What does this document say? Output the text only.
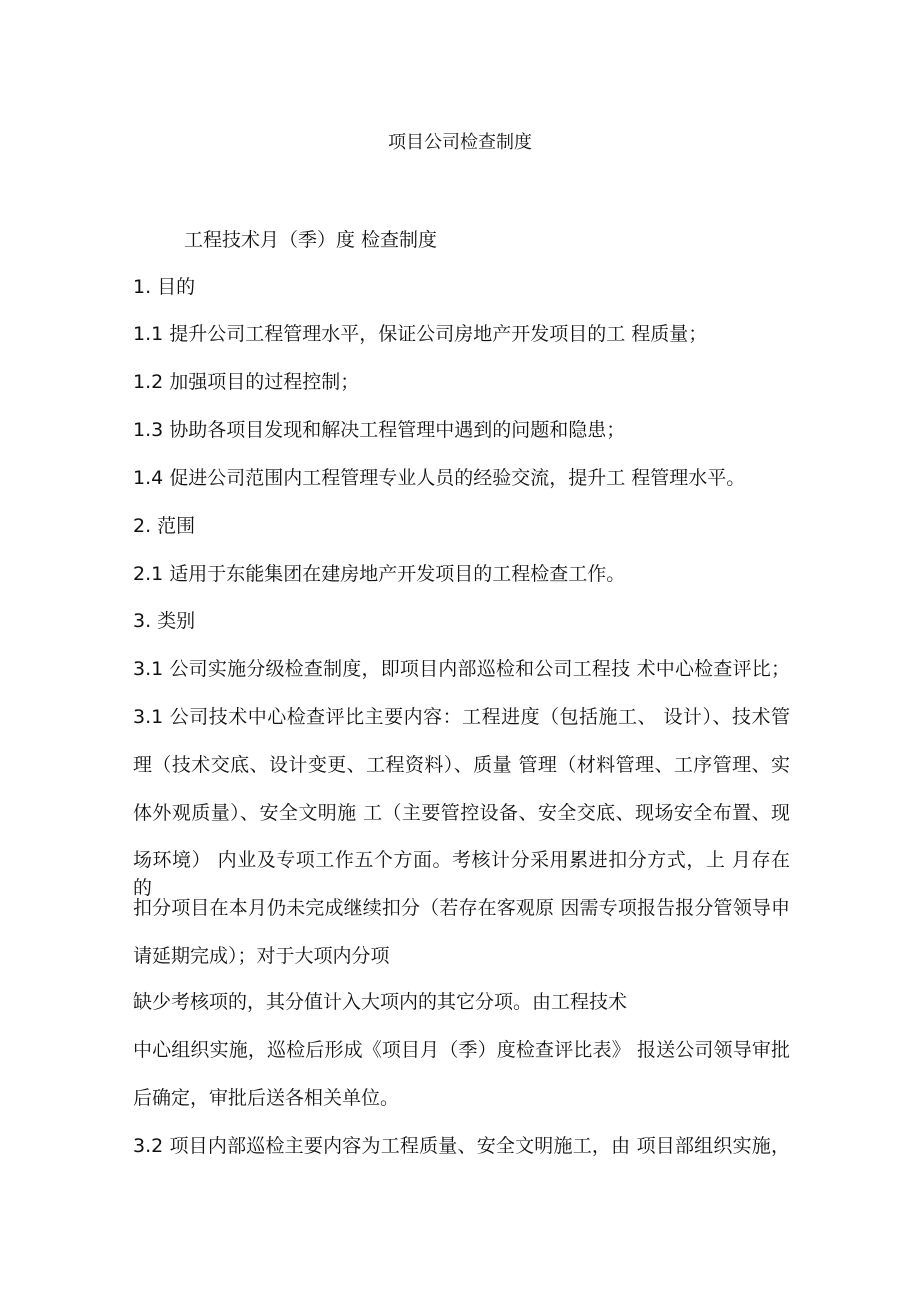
项目公司检查制度
工程技术月（季）度 检查制度
1. 目的
1.1 提升公司工程管理水平，保证公司房地产开发项目的工 程质量；
1.2 加强项目的过程控制；
1.3 协助各项目发现和解决工程管理中遇到的问题和隐患；
1.4 促进公司范围内工程管理专业人员的经验交流，提升工 程管理水平。
2. 范围
2.1 适用于东能集团在建房地产开发项目的工程检查工作。
3. 类别
3.1 公司实施分级检查制度，即项目内部巡检和公司工程技 术中心检查评比；
3.1 公司技术中心检查评比主要内容：工程进度（包括施工、 设计）、技术管
理（技术交底、设计变更、工程资料）、质量 管理（材料管理、工序管理、实
体外观质量）、安全文明施 工（主要管控设备、安全交底、现场安全布置、现
场环境） 内业及专项工作五个方面。考核计分采用累进扣分方式，上 月存在的
扣分项目在本月仍未完成继续扣分（若存在客观原 因需专项报告报分管领导申
请延期完成）；对于大项内分项
缺少考核项的，其分值计入大项内的其它分项。由工程技术
中心组织实施，巡检后形成《项目月（季）度检查评比表》 报送公司领导审批
后确定，审批后送各相关单位。
3.2 项目内部巡检主要内容为工程质量、安全文明施工，由 项目部组织实施，
